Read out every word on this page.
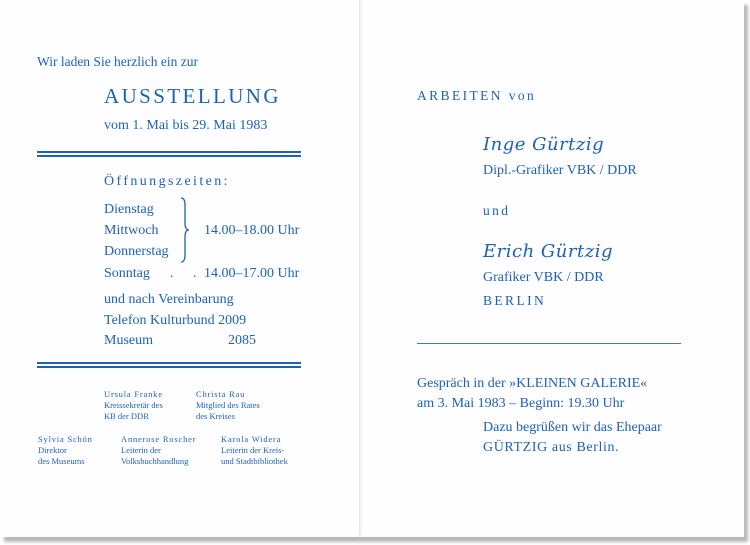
Wir laden Sie herzlich ein zur
AUSSTELLUNG
vom 1. Mai bis 29. Mai 1983
Öffnungszeiten:
Dienstag
Mittwoch
Donnerstag
14.00–18.00 Uhr
Sonntag . . 14.00–17.00 Uhr
und nach Vereinbarung
Telefon Kulturbund 2009
Museum	2085
Ursula Franke
Kreissekretär des
KB der DDR
Christa Rau
Mitglied des Rates
des Kreises
Sylvia Schön
Direktor
des Museums
Annerose Roscher
Leiterin der
Volksbuchhandlung
Karola Widera
Leiterin der Kreis-
und Stadtbibliothek
ARBEITEN von
Inge Gürtzig
Dipl.-Grafiker VBK / DDR
und
Erich Gürtzig
Grafiker VBK / DDR
BERLIN
Gespräch in der »KLEINEN GALERIE«
am 3. Mai 1983 – Beginn: 19.30 Uhr
Dazu begrüßen wir das Ehepaar
GÜRTZIG aus Berlin.
